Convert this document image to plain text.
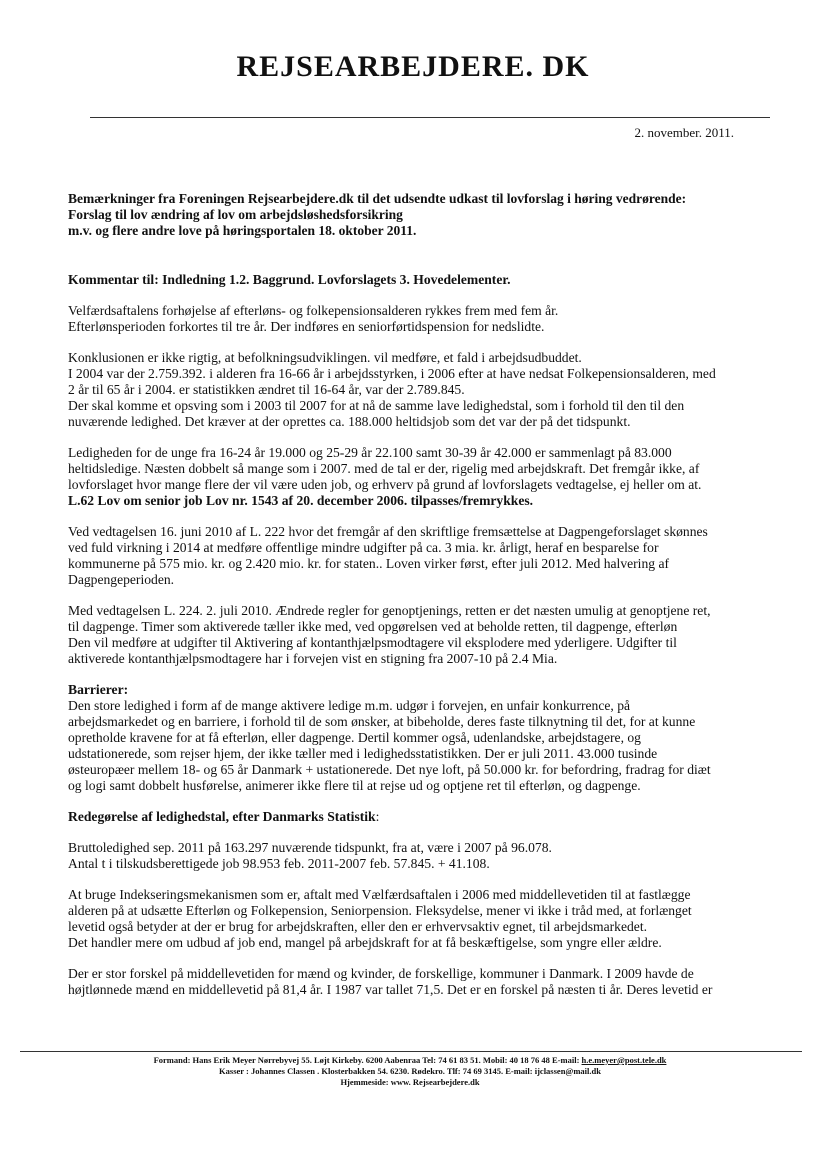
REJSEARBEJDERE. DK
2. november. 2011.
Bemærkninger fra Foreningen Rejsearbejdere.dk til det udsendte udkast til lovforslag i høring vedrørende:
Forslag til lov ændring af lov om arbejdsløshedsforsikring
m.v. og flere andre love på høringsportalen 18. oktober 2011.
Kommentar til: Indledning 1.2. Baggrund. Lovforslagets 3. Hovedelementer.

Velfærdsaftalens forhøjelse af efterløns- og folkepensionsalderen rykkes frem med fem år.
Efterlønsperioden forkortes til tre år. Der indføres en seniorførtidspension for nedslidte.

Konklusionen er ikke rigtig, at befolkningsudviklingen. vil medføre, et fald i arbejdsudbuddet.
I 2004 var der 2.759.392. i alderen fra 16-66 år i arbejdsstyrken, i 2006 efter at have nedsat Folkepensionsalderen, med
2 år til 65 år i 2004. er statistikken ændret til 16-64 år, var der 2.789.845.
Der skal komme et opsving som i 2003 til 2007 for at nå de samme lave ledighedstal, som i forhold til den til den
nuværende ledighed. Det kræver at der oprettes ca. 188.000 heltidsjob som det var der på det tidspunkt.

Ledigheden for de unge fra 16-24 år 19.000 og 25-29 år 22.100 samt 30-39 år 42.000 er sammenlagt på 83.000
heltidsledige. Næsten dobbelt så mange som i 2007. med de tal er der, rigelig med arbejdskraft. Det fremgår ikke, af
lovforslaget hvor mange flere der vil være uden job, og erhverv på grund af lovforslagets vedtagelse, ej heller om at.
L.62 Lov om senior job Lov nr. 1543 af 20. december 2006. tilpasses/fremrykkes.

Ved vedtagelsen 16. juni 2010 af L. 222 hvor det fremgår af den skriftlige fremsættelse at Dagpengeforslaget skønnes
ved fuld virkning i 2014 at medføre offentlige mindre udgifter på ca. 3 mia. kr. årligt, heraf en besparelse for
kommunerne på 575 mio. kr. og 2.420 mio. kr. for staten.. Loven virker først, efter juli 2012. Med halvering af
Dagpengeperioden.

Med vedtagelsen L. 224. 2. juli 2010. Ændrede regler for genoptjenings, retten er det næsten umulig at genoptjene ret,
til dagpenge. Timer som aktiverede tæller ikke med, ved opgørelsen ved at beholde retten, til dagpenge, efterløn
Den vil medføre at udgifter til Aktivering af kontanthjælpsmodtagere vil eksplodere med yderligere. Udgifter til
aktiverede kontanthjælpsmodtagere har i forvejen vist en stigning fra 2007-10 på 2.4 Mia.

Barrierer:
Den store ledighed i form af de mange aktivere ledige m.m. udgør i forvejen, en unfair konkurrence, på
arbejdsmarkedet og en barriere, i forhold til de som ønsker, at bibeholde, deres faste tilknytning til det, for at kunne
opretholde kravene for at få efterløn, eller dagpenge. Dertil kommer også, udenlandske, arbejdstagere, og
udstationerede, som rejser hjem, der ikke tæller med i ledighedsstatistikken. Der er juli 2011. 43.000 tusinde
østeuropæer mellem 18- og 65 år Danmark + ustationerede. Det nye loft, på 50.000 kr. for befordring, fradrag for diæt
og logi samt dobbelt husførelse, animerer ikke flere til at rejse ud og optjene ret til efterløn, og dagpenge.

Redegørelse af ledighedstal, efter Danmarks Statistik:

Bruttoledighed sep. 2011 på 163.297 nuværende tidspunkt, fra at, være i 2007 på 96.078.
Antal t i tilskudsberettigede job 98.953 feb. 2011-2007 feb. 57.845. + 41.108.

At bruge Indekseringsmekanismen som er, aftalt med Vælfærdsaftalen i 2006 med middellevetiden til at fastlægge
alderen på at udsætte Efterløn og Folkepension, Seniorpension. Fleksydelse, mener vi ikke i tråd med, at forlænget
levetid også betyder at der er brug for arbejdskraften, eller den er erhvervsaktiv egnet, til arbejdsmarkedet.
Det handler mere om udbud af job end, mangel på arbejdskraft for at få beskæftigelse, som yngre eller ældre.

Der er stor forskel på middellevetiden for mænd og kvinder, de forskellige, kommuner i Danmark. I 2009 havde de
højtlønnede mænd en middellevetid på 81,4 år. I 1987 var tallet 71,5. Det er en forskel på næsten ti år. Deres levetid er

Formand: Hans Erik Meyer Nørrebyvej 55. Løjt Kirkeby. 6200 Aabenraa Tel: 74 61 83 51. Mobil: 40 18 76 48 E-mail: h.e.meyer@post.tele.dk
Kasser : Johannes Classen . Klosterbakken 54. 6230. Rødekro. Tlf: 74 69 3145. E-mail: ijclassen@mail.dk
Hjemmeside: www. Rejsearbejdere.dk
